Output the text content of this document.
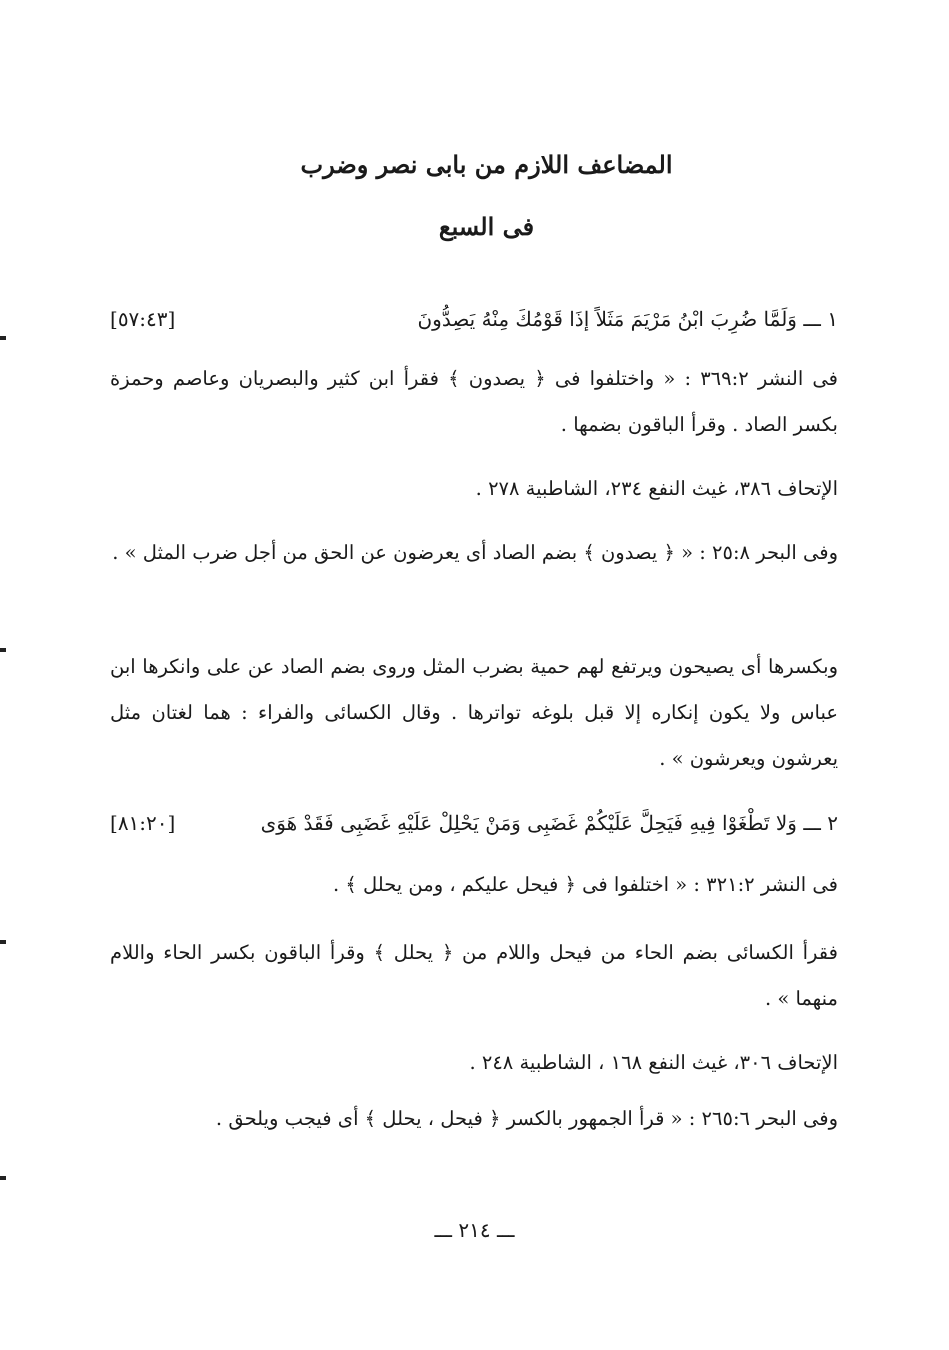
المضاعف اللازم من بابى نصر وضرب
فى السبع
١ ـــ وَلَمَّا ضُرِبَ ابْنُ مَرْيَمَ مَثَلاً إذَا قَوْمُكَ مِنْهُ يَصِدُّونَ
[٥٧:٤٣]
فى النشر ٣٦٩:٢ : « واختلفوا فى ﴿ يصدون ﴾ فقرأ ابن كثير والبصريان وعاصم وحمزة بكسر الصاد . وقرأ الباقون بضمها .
الإتحاف ٣٨٦، غيث النفع ٢٣٤، الشاطبية ٢٧٨ .
وفى البحر ٢٥:٨ : « ﴿ يصدون ﴾ بضم الصاد أى يعرضون عن الحق من أجل ضرب المثل » .
وبكسرها أى يصيحون ويرتفع لهم حمية بضرب المثل وروى بضم الصاد عن على وانكرها ابن عباس ولا يكون إنكاره إلا قبل بلوغه تواترها . وقال الكسائى والفراء : هما لغتان مثل يعرشون ويعرشون » .
٢ ـــ وَلا تَطْغَوْا فِيهِ فَيَحِلَّ عَلَيْكُمْ غَضَبِى وَمَنْ يَحْلِلْ عَلَيْهِ غَضَبِى فَقَدْ هَوَى
[٨١:٢٠]
فى النشر ٣٢١:٢ : « اختلفوا فى ﴿ فيحل عليكم ، ومن يحلل ﴾ .
فقرأ الكسائى بضم الحاء من فيحل واللام من ﴿ يحلل ﴾ وقرأ الباقون بكسر الحاء واللام منهما » .
الإتحاف ٣٠٦، غيث النفع ١٦٨ ، الشاطبية ٢٤٨ .
وفى البحر ٢٦٥:٦ : « قرأ الجمهور بالكسر ﴿ فيحل ، يحلل ﴾ أى فيجب ويلحق .
ـــ ٢١٤ ـــ
